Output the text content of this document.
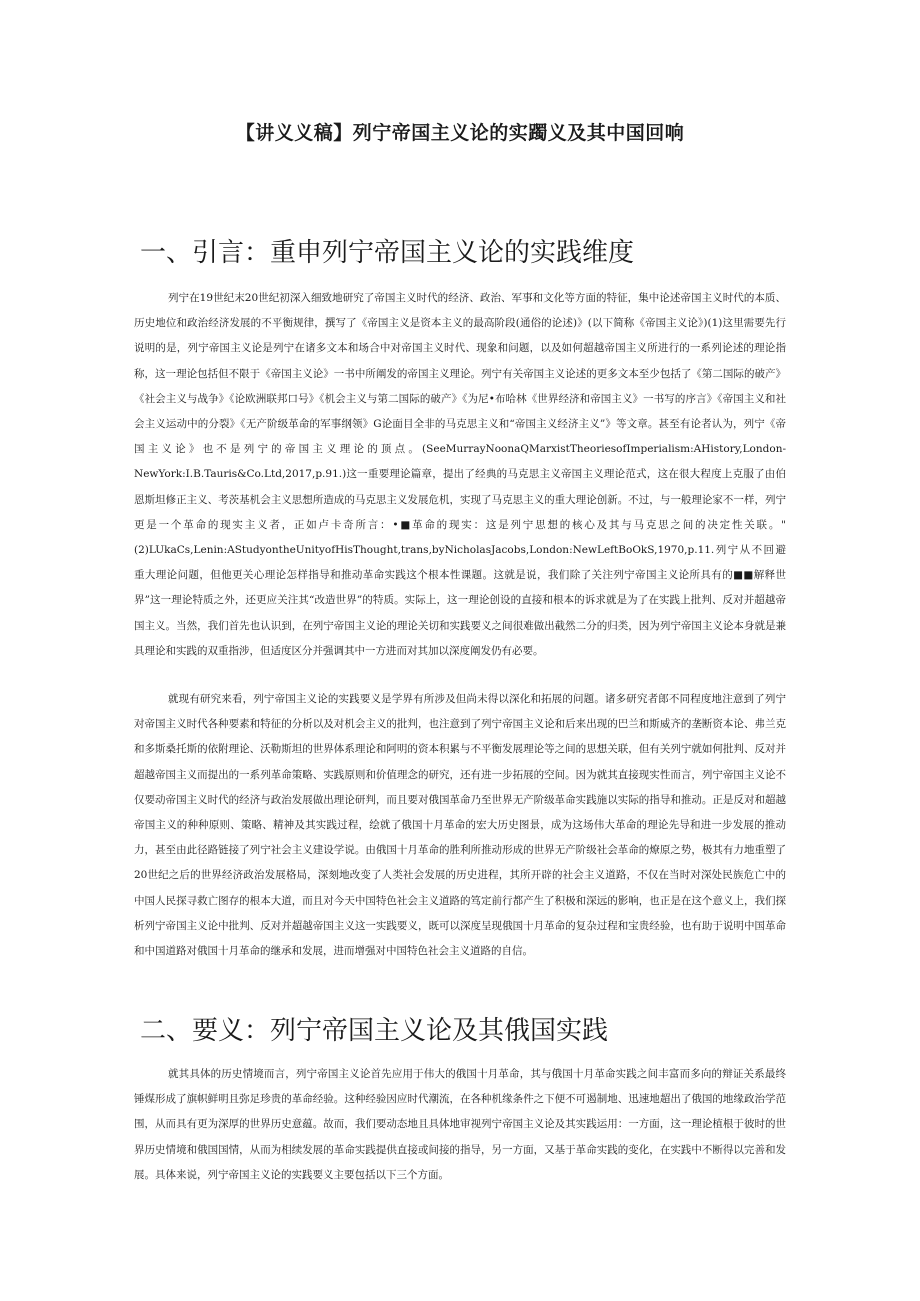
【讲义义稿】列宁帝国主义论的实躅义及其中国回响
一、引言：重申列宁帝国主义论的实践维度

列宁在19世纪末20世纪初深入细致地研究了帝国主义时代的经济、政治、军事和文化等方面的特征，集中论述帝国主义时代的本质、历史地位和政治经济发展的不平衡规律，撰写了《帝国主义是资本主义的最高阶段(通俗的论述)》(以下简称《帝国主义论》)(1)这里需要先行说明的是，列宁帝国主义论是列宁在诸多文本和场合中对帝国主义时代、现象和问题，以及如何超越帝国主义所进行的一系列论述的理论指称，这一理论包括但不限于《帝国主义论》一书中所阐发的帝国主义理论。列宁有关帝国主义论述的更多文本至少包括了《第二国际的破产》《社会主义与战争》《论欧洲联邦口号》《机会主义与第二国际的破产》《为尼•布哈林《世界经济和帝国主义》一书写的序言》《帝国主义和社会主义运动中的分裂》《无产阶级革命的军事纲领》G论面目全非的马克思主义和“帝国主义经济主义”》等文章。甚至有论者认为，列宁《帝国主义论》也不是列宁的帝国主义理论的顶点。(SeeMurrayNoonaQMarxistTheoriesofImperialism:AHistory,London-NewYork:I.B.Tauris&Co.Ltd,2017,p.91.)这一重要理论篇章，提出了经典的马克思主义帝国主义理论范式，这在很大程度上克服了由伯恩斯坦修正主义、考茨基机会主义思想所造成的马克思主义发展危机，实现了马克思主义的重大理论创新。不过，与一般理论家不一样，列宁更是一个革命的现实主义者，正如卢卡奇所言：•■革命的现实：这是列宁思想的核心及其与马克思之间的决定性关联。"(2)LUkaCs,Lenin:AStudyontheUnityofHisThought,trans,byNicholasJacobs,London:NewLeftBoOkS,1970,p.11.列宁从不回避重大理论问题，但他更关心理论怎样指导和推动革命实践这个根本性课题。这就是说，我们除了关注列宁帝国主义论所具有的■■解释世界”这一理论特质之外，还更应关注其“改造世界”的特质。实际上，这一理论创设的直接和根本的诉求就是为了在实践上批判、反对并超越帝国主义。当然，我们首先也认识到，在列宁帝国主义论的理论关切和实践要义之间很难做出截然二分的归类，因为列宁帝国主义论本身就是兼具理论和实践的双重指涉，但适度区分并强调其中一方进而对其加以深度阐发仍有必要。

就现有研究来看，列宁帝国主义论的实践要义是学界有所涉及但尚未得以深化和拓展的问题。诸多研究者郎不同程度地注意到了列宁对帝国主义时代各种要素和特征的分析以及对机会主义的批判，也注意到了列宁帝国主义论和后来出现的巴兰和斯威齐的垄断资本论、弗兰克和多斯桑托斯的依附理论、沃勒斯坦的世界体系理论和阿明的资本积累与不平衡发展理论等之间的思想关联，但有关列宁就如何批判、反对并超越帝国主义而提出的一系列革命策略、实践原则和价值理念的研究，还有进一步拓展的空间。因为就其直接现实性而言，列宁帝国主义论不仅要动帝国主义时代的经济与政治发展做出理论研判，而且要对俄国革命乃至世界无产阶级革命实践施以实际的指导和推动。正是反对和超越帝国主义的种种原则、策略、精神及其实践过程，绘就了俄国十月革命的宏大历史图景，成为这场伟大革命的理论先导和进一步发展的推动力，甚至由此径路链接了列宁社会主义建设学说。由俄国十月革命的胜利所推动形成的世界无产阶级社会革命的燎原之势，极其有力地重塑了20世纪之后的世界经济政治发展格局，深刻地改变了人类社会发展的历史进程，其所开辟的社会主义道路，不仅在当时对深处民族危亡中的中国人民探寻救亡图存的根本大道，而且对今天中国特色社会主义道路的笃定前行都产生了积极和深远的影响，也正是在这个意义上，我们探析列宁帝国主义论中批判、反对并超越帝国主义这一实践要义，既可以深度呈现俄国十月革命的复杂过程和宝贵经验，也有助于说明中国革命和中国道路对俄国十月革命的继承和发展，进而增强对中国特色社会主义道路的自信。

二、要义：列宁帝国主义论及其俄国实践

就其具体的历史情境而言，列宁帝国主义论首先应用于伟大的俄国十月革命，其与俄国十月革命实践之间丰富而多向的辩证关系最终锤煤形成了旗帜鲜明且弥足珍贵的革命经验。这种经验因应时代潮流，在各种机缘条件之下便不可遏制地、迅速地超出了俄国的地缘政治学范围，从而具有更为深厚的世界历史意蕴。故而，我们要动态地且具体地审视列宁帝国主义论及其实践运用：一方面，这一理论植根于彼时的世界历史情境和俄国国情，从而为相续发展的革命实践提供直接或间接的指导，另一方面，又基于革命实践的变化，在实践中不断得以完善和发展。具体来说，列宁帝国主义论的实践要义主要包括以下三个方面。
